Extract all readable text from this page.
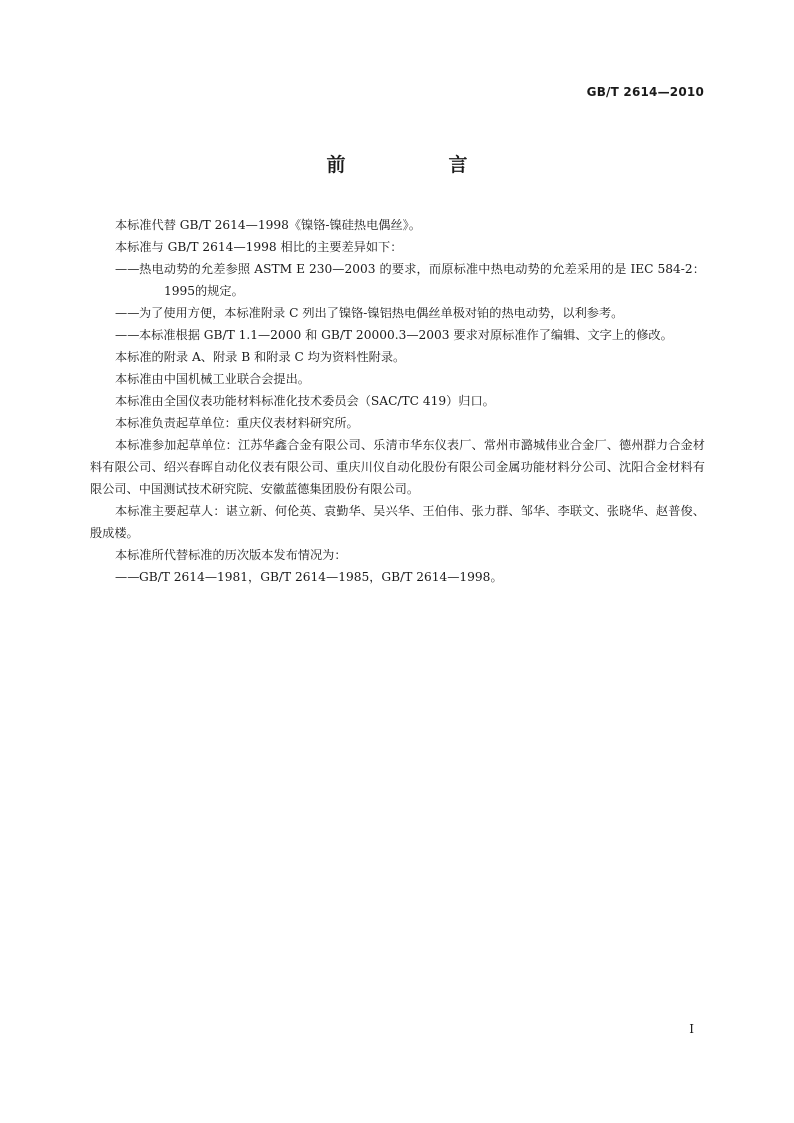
GB/T 2614—2010
前　言

本标准代替 GB/T 2614—1998《镍铬-镍硅热电偶丝》。

本标准与 GB/T 2614—1998 相比的主要差异如下：

——热电动势的允差参照 ASTM E 230—2003 的要求，而原标准中热电动势的允差采用的是 IEC 584-2：1995的规定。

——为了使用方便，本标准附录 C 列出了镍铬-镍铝热电偶丝单极对铂的热电动势，以利参考。

——本标准根据 GB/T 1.1—2000 和 GB/T 20000.3—2003 要求对原标准作了编辑、文字上的修改。

本标准的附录 A、附录 B 和附录 C 均为资料性附录。

本标准由中国机械工业联合会提出。

本标准由全国仪表功能材料标准化技术委员会（SAC/TC 419）归口。

本标准负责起草单位：重庆仪表材料研究所。

本标准参加起草单位：江苏华鑫合金有限公司、乐清市华东仪表厂、常州市潞城伟业合金厂、德州群力合金材料有限公司、绍兴春晖自动化仪表有限公司、重庆川仪自动化股份有限公司金属功能材料分公司、沈阳合金材料有限公司、中国测试技术研究院、安徽蓝德集团股份有限公司。

本标准主要起草人：谌立新、何伦英、袁勤华、吴兴华、王伯伟、张力群、邹华、李联文、张晓华、赵普俊、殷成楼。

本标准所代替标准的历次版本发布情况为：

——GB/T 2614—1981，GB/T 2614—1985，GB/T 2614—1998。

I
